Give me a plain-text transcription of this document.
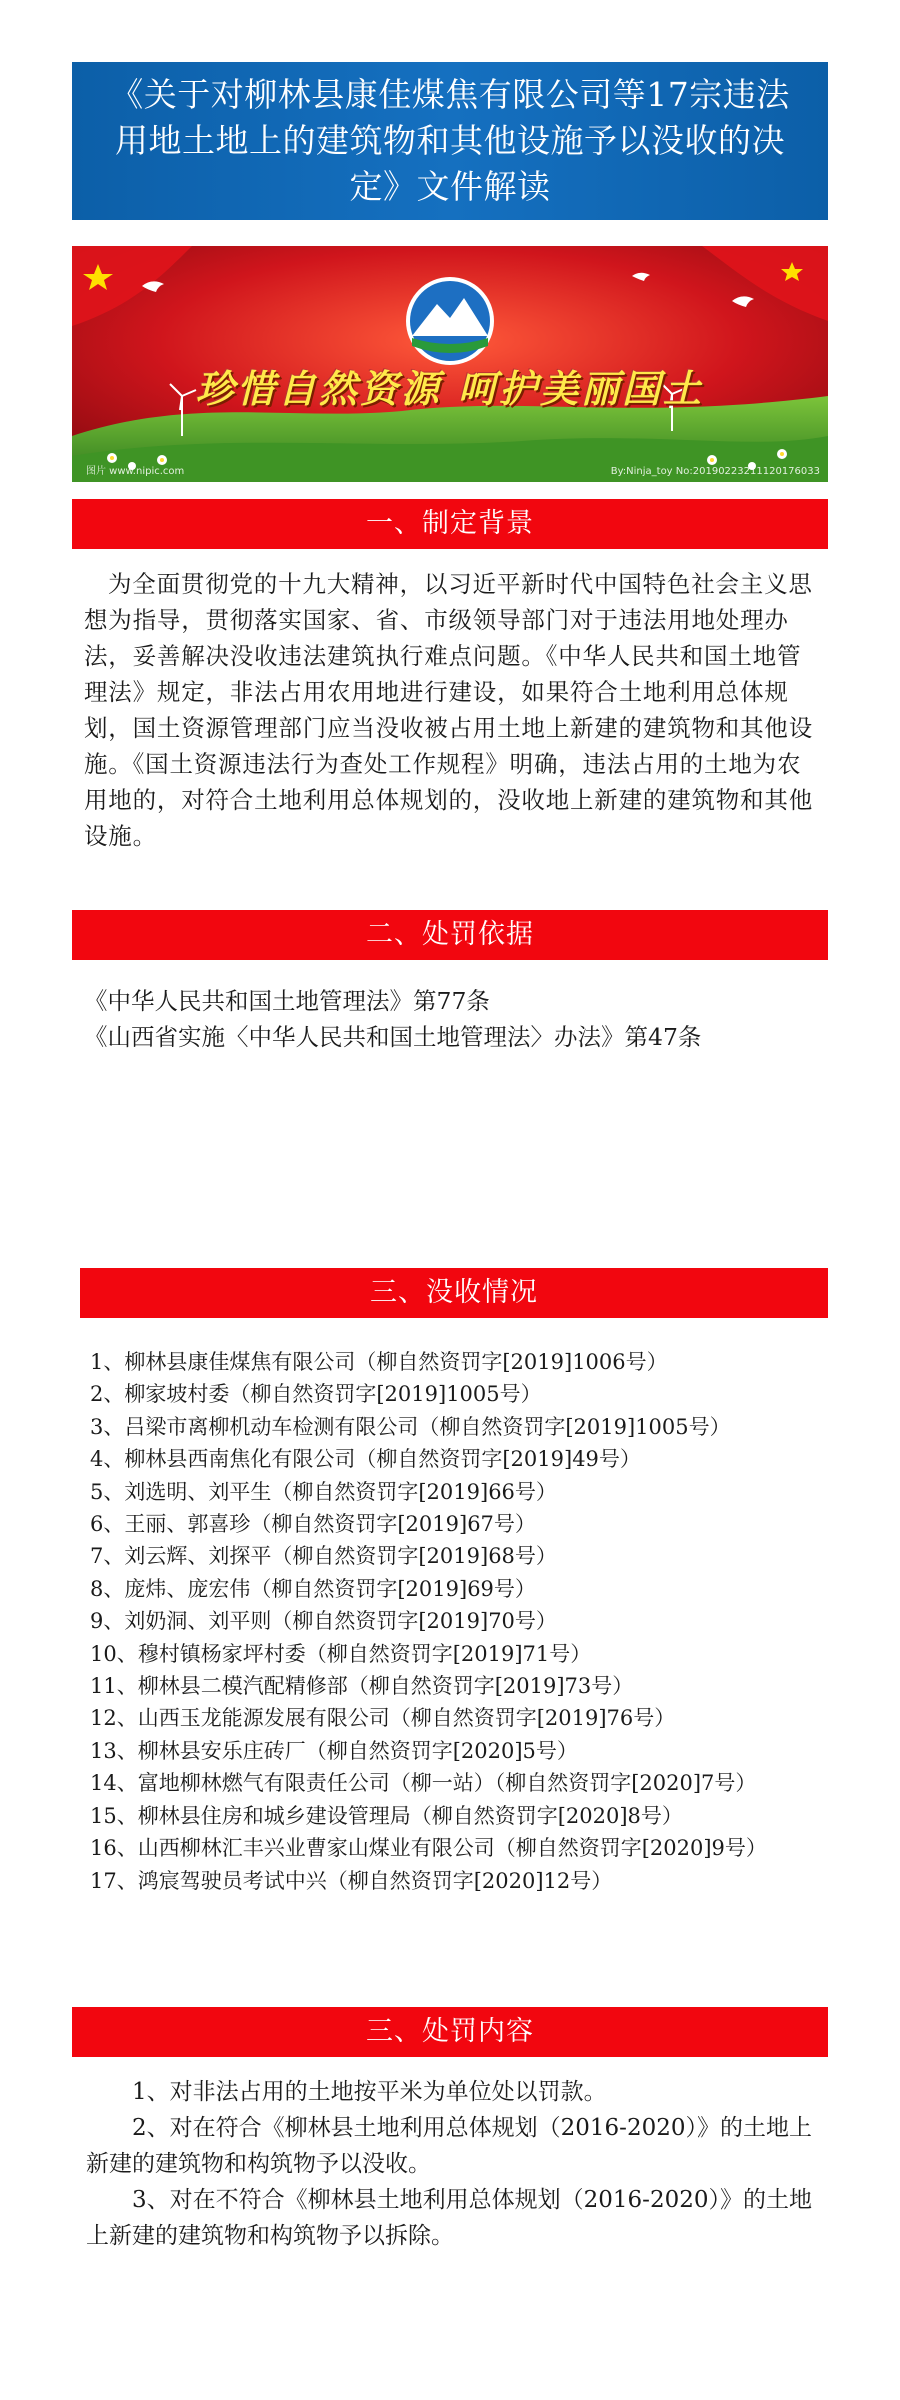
《关于对柳林县康佳煤焦有限公司等17宗违法用地土地上的建筑物和其他设施予以没收的决定》文件解读
珍惜自然资源 呵护美丽国土
图片 www.nipic.com	By:Ninja_toy No:20190223211120176033
一、制定背景
为全面贯彻党的十九大精神，以习近平新时代中国特色社会主义思想为指导，贯彻落实国家、省、市级领导部门对于违法用地处理办法，妥善解决没收违法建筑执行难点问题。《中华人民共和国土地管理法》规定，非法占用农用地进行建设，如果符合土地利用总体规划，国土资源管理部门应当没收被占用土地上新建的建筑物和其他设施。《国土资源违法行为查处工作规程》明确，违法占用的土地为农用地的，对符合土地利用总体规划的，没收地上新建的建筑物和其他设施。
二、处罚依据
《中华人民共和国土地管理法》第77条
《山西省实施〈中华人民共和国土地管理法〉办法》第47条
三、没收情况
1、柳林县康佳煤焦有限公司（柳自然资罚字[2019]1006号）
2、柳家坡村委（柳自然资罚字[2019]1005号）
3、吕梁市离柳机动车检测有限公司（柳自然资罚字[2019]1005号）
4、柳林县西南焦化有限公司（柳自然资罚字[2019]49号）
5、刘选明、刘平生（柳自然资罚字[2019]66号）
6、王丽、郭喜珍（柳自然资罚字[2019]67号）
7、刘云辉、刘探平（柳自然资罚字[2019]68号）
8、庞炜、庞宏伟（柳自然资罚字[2019]69号）
9、刘奶洞、刘平则（柳自然资罚字[2019]70号）
10、穆村镇杨家坪村委（柳自然资罚字[2019]71号）
11、柳林县二模汽配精修部（柳自然资罚字[2019]73号）
12、山西玉龙能源发展有限公司（柳自然资罚字[2019]76号）
13、柳林县安乐庄砖厂（柳自然资罚字[2020]5号）
14、富地柳林燃气有限责任公司（柳一站）（柳自然资罚字[2020]7号）
15、柳林县住房和城乡建设管理局（柳自然资罚字[2020]8号）
16、山西柳林汇丰兴业曹家山煤业有限公司（柳自然资罚字[2020]9号）
17、鸿宸驾驶员考试中兴（柳自然资罚字[2020]12号）
三、处罚内容
1、对非法占用的土地按平米为单位处以罚款。
2、对在符合《柳林县土地利用总体规划（2016-2020）》的土地上新建的建筑物和构筑物予以没收。
3、对在不符合《柳林县土地利用总体规划（2016-2020）》的土地上新建的建筑物和构筑物予以拆除。
